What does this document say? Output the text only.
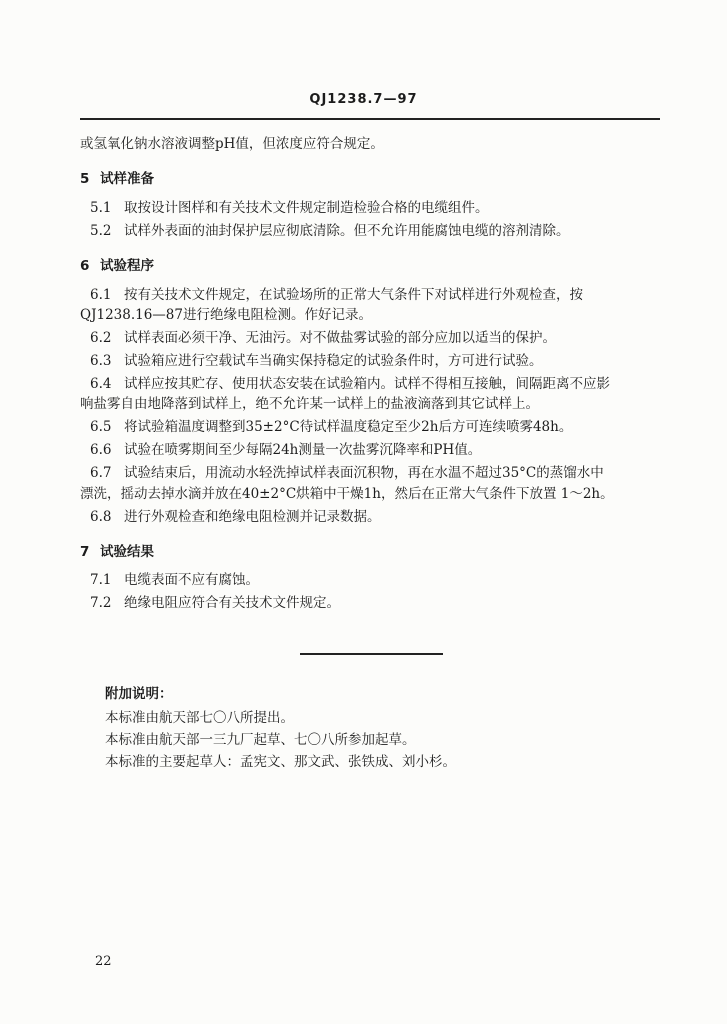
QJ1238.7—97
或氢氧化钠水溶液调整pH值，但浓度应符合规定。
5 试样准备
5.1 取按设计图样和有关技术文件规定制造检验合格的电缆组件。
5.2 试样外表面的油封保护层应彻底清除。但不允许用能腐蚀电缆的溶剂清除。
6 试验程序
6.1 按有关技术文件规定，在试验场所的正常大气条件下对试样进行外观检查，按
QJ1238.16—87进行绝缘电阻检测。作好记录。
6.2 试样表面必须干净、无油污。对不做盐雾试验的部分应加以适当的保护。
6.3 试验箱应进行空载试车当确实保持稳定的试验条件时，方可进行试验。
6.4 试样应按其贮存、使用状态安装在试验箱内。试样不得相互接触，间隔距离不应影
响盐雾自由地降落到试样上，绝不允许某一试样上的盐液滴落到其它试样上。
6.5 将试验箱温度调整到35±2°C待试样温度稳定至少2h后方可连续喷雾48h。
6.6 试验在喷雾期间至少每隔24h测量一次盐雾沉降率和PH值。
6.7 试验结束后，用流动水轻洗掉试样表面沉积物，再在水温不超过35°C的蒸馏水中
漂洗，摇动去掉水滴并放在40±2°C烘箱中干燥1h，然后在正常大气条件下放置 1～2h。
6.8 进行外观检查和绝缘电阻检测并记录数据。
7 试验结果
7.1 电缆表面不应有腐蚀。
7.2 绝缘电阻应符合有关技术文件规定。
附加说明：
本标准由航天部七〇八所提出。
本标准由航天部一三九厂起草、七〇八所参加起草。
本标准的主要起草人：孟宪文、那文武、张铁成、刘小杉。
22
